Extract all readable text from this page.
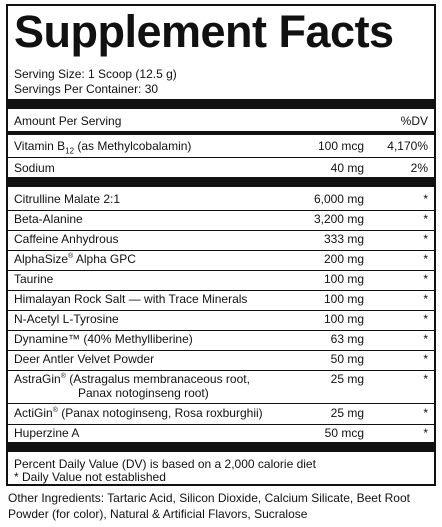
Supplement Facts
Serving Size: 1 Scoop (12.5 g)
Servings Per Container: 30
Amount Per Serving	%DV
Vitamin $B_{12}$ (as Methylcobalamin)	100 mcg 4,170%
Sodium	40 mg	2%
Citrulline Malate 2:1	6,000 mg	*
Beta-Alanine	3,200 mg	*
Caffeine Anhydrous	333 mg	*
AlphaSize® Alpha GPC	200 mg	*
Taurine	100 mg	*
Himalayan Rock Salt — with Trace Minerals	100 mg	*
N-Acetyl L-Tyrosine	100 mg	*
Dynamine™ (40% Methylliberine)	63 mg	*
Deer Antler Velvet Powder	50 mg	*
AstraGin® (Astragalus membranaceous root,	25 mg	*
Panax notoginseng root)
ActiGin® (Panax notoginseng, Rosa roxburghii)	25 mg	*
Huperzine A	50 mcg	*
Percent Daily Value (DV) is based on a 2,000 calorie diet
* Daily Value not established

Other Ingredients: Tartaric Acid, Silicon Dioxide, Calcium Silicate, Beet Root Powder (for color), Natural & Artificial Flavors, Sucralose
